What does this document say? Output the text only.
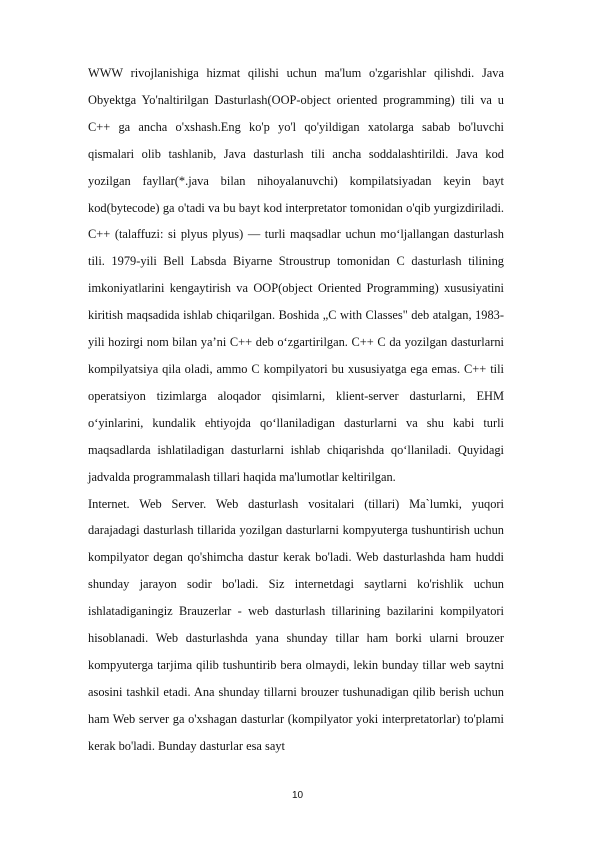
WWW rivojlanishiga hizmat qilishi uchun ma'lum o'zgarishlar qilishdi. Java Obyektga Yo'naltirilgan Dasturlash(OOP-object oriented programming) tili va u C++ ga ancha o'xshash.Eng ko'p yo'l qo'yildigan xatolarga sabab bo'luvchi qismalari olib tashlanib, Java dasturlash tili ancha soddalashtirildi. Java kod yozilgan fayllar(*.java bilan nihoyalanuvchi) kompilatsiyadan keyin bayt kod(bytecode) ga o'tadi va bu bayt kod interpretator tomonidan o'qib yurgizdiriladi. C++ (talaffuzi: si plyus plyus) — turli maqsadlar uchun mo‘ljallangan dasturlash tili. 1979-yili Bell Labsda Biyarne Stroustrup tomonidan C dasturlash tilining imkoniyatlarini kengaytirish va OOP(object Oriented Programming) xususiyatini kiritish maqsadida ishlab chiqarilgan. Boshida „C with Classes" deb atalgan, 1983-yili hozirgi nom bilan ya’ni C++ deb o‘zgartirilgan. C++ C da yozilgan dasturlarni kompilyatsiya qila oladi, ammo C kompilyatori bu xususiyatga ega emas. C++ tili operatsiyon tizimlarga aloqador qisimlarni, klient-server dasturlarni, EHM o‘yinlarini, kundalik ehtiyojda qo‘llaniladigan dasturlarni va shu kabi turli maqsadlarda ishlatiladigan dasturlarni ishlab chiqarishda qo‘llaniladi. Quyidagi jadvalda programmalash tillari haqida ma'lumotlar keltirilgan.

Internet. Web Server. Web dasturlash vositalari (tillari) Ma`lumki, yuqori darajadagi dasturlash tillarida yozilgan dasturlarni kompyuterga tushuntirish uchun kompilyator degan qo'shimcha dastur kerak bo'ladi. Web dasturlashda ham huddi shunday jarayon sodir bo'ladi. Siz internetdagi saytlarni ko'rishlik uchun ishlatadiganingiz Brauzerlar - web dasturlash tillarining bazilarini kompilyatori hisoblanadi. Web dasturlashda yana shunday tillar ham borki ularni brouzer kompyuterga tarjima qilib tushuntirib bera olmaydi, lekin bunday tillar web saytni asosini tashkil etadi. Ana shunday tillarni brouzer tushunadigan qilib berish uchun ham Web server ga o'xshagan dasturlar (kompilyator yoki interpretatorlar) to'plami kerak bo'ladi. Bunday dasturlar esa sayt

10
